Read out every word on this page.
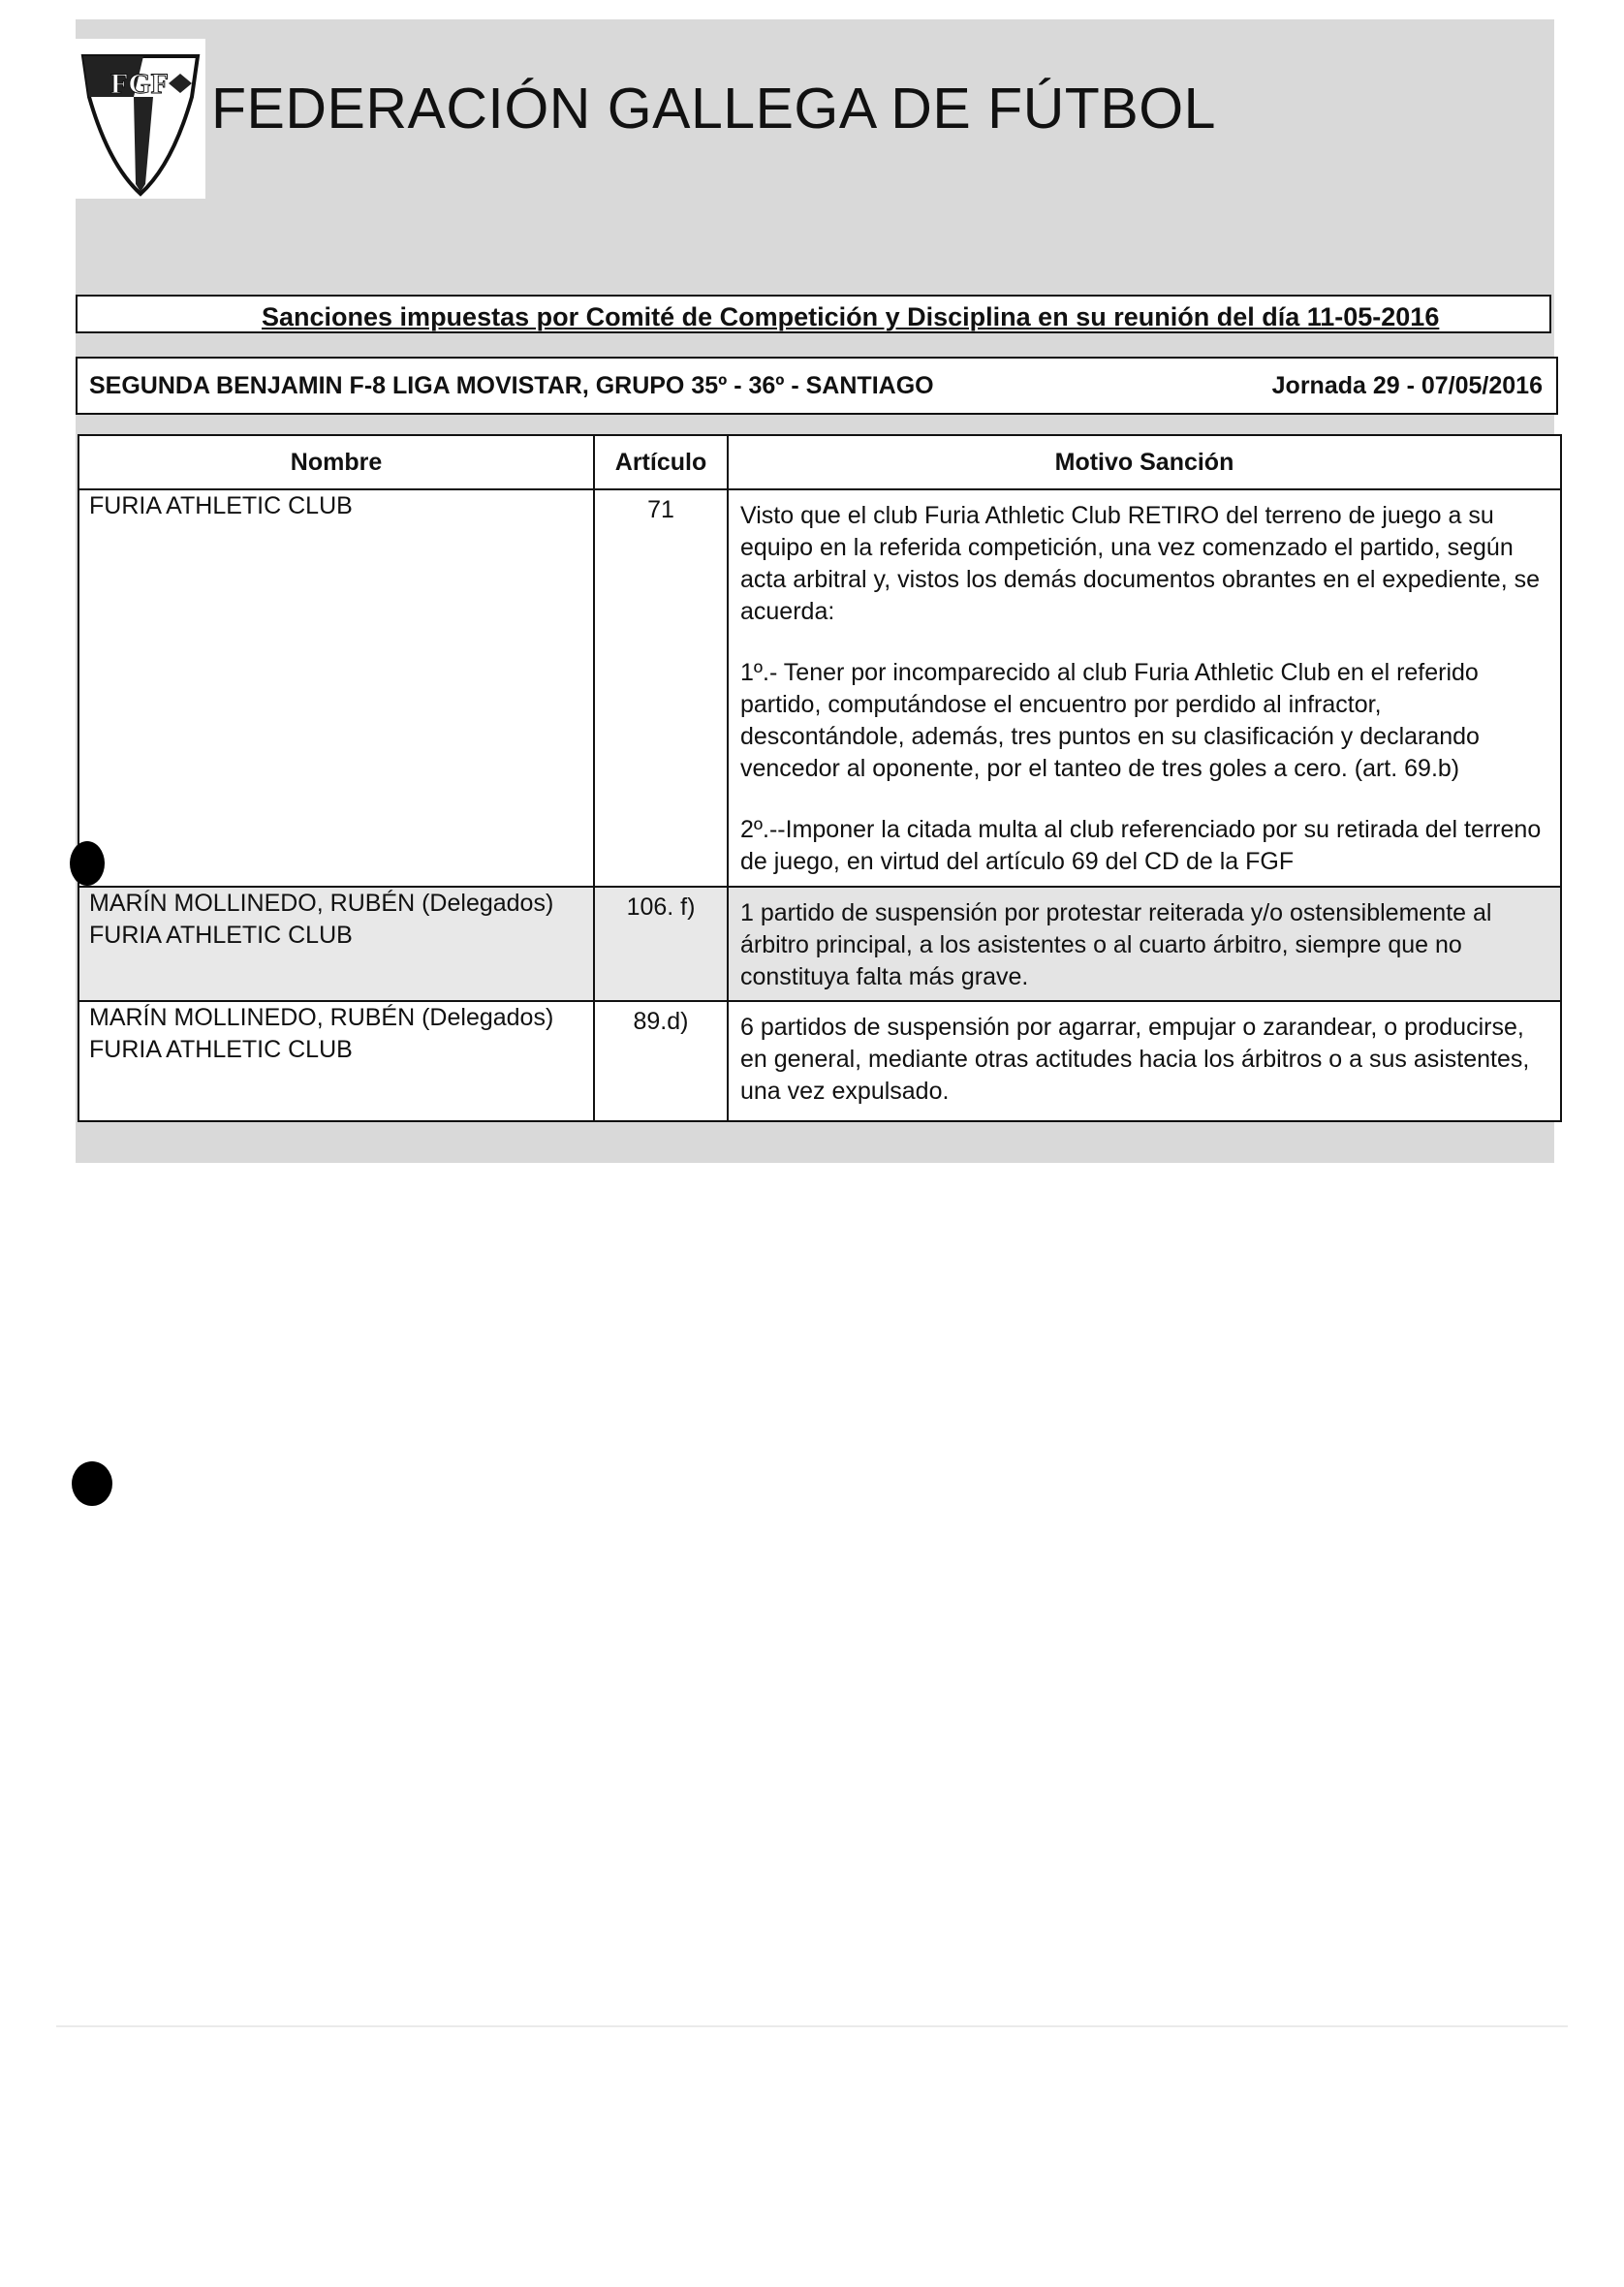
FGF FEDERACIÓN GALLEGA DE FÚTBOL
Sanciones impuestas por Comité de Competición y Disciplina en su reunión del día 11-05-2016
SEGUNDA BENJAMIN F-8 LIGA MOVISTAR, GRUPO 35º - 36º - SANTIAGO	Jornada 29 - 07/05/2016
Nombre	Artículo	Motivo Sanción

FURIA ATHLETIC CLUB	71	Visto que el club Furia Athletic Club RETIRO del terreno de juego a su equipo en la referida competición, una vez comenzado el partido, según acta arbitral y, vistos los demás documentos obrantes en el expediente, se acuerda:

1º.- Tener por incomparecido al club Furia Athletic Club en el referido partido, computándose el encuentro por perdido al infractor, descontándole, además, tres puntos en su clasificación y declarando vencedor al oponente, por el tanteo de tres goles a cero. (art. 69.b)

2º.--Imponer la citada multa al club referenciado por su retirada del terreno de juego, en virtud del artículo 69 del CD de la FGF

MARÍN MOLLINEDO, RUBÉN (Delegados)
FURIA ATHLETIC CLUB	106. f)	1 partido de suspensión por protestar reiterada y/o ostensiblemente al árbitro principal, a los asistentes o al cuarto árbitro, siempre que no constituya falta más grave.

MARÍN MOLLINEDO, RUBÉN (Delegados)
FURIA ATHLETIC CLUB	89.d)	6 partidos de suspensión por agarrar, empujar o zarandear, o producirse, en general, mediante otras actitudes hacia los árbitros o a sus asistentes, una vez expulsado.
